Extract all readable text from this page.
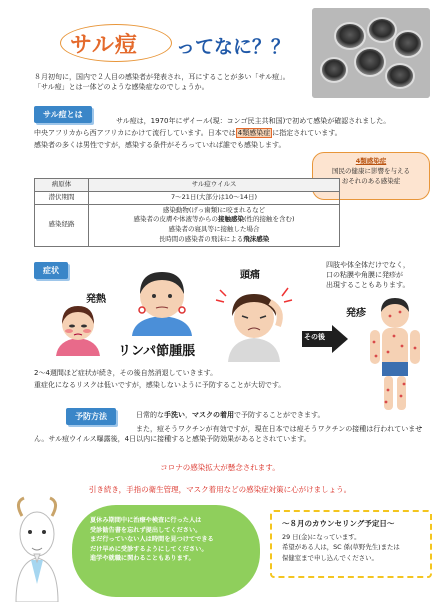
サル痘 ってなに？？
８月初旬に，国内で２人目の感染者が発表され，耳にすることが多い「サル痘」。
「サル痘」とは一体どのような感染症なのでしょうか。
サル痘とは
サル痘は，1970年にザイール(現：コンゴ民主共和国)で初めて感染が確認されました。
中央アフリカから西アフリカにかけて流行しています。日本では 4類感染症 に指定されています。
感染者の多くは男性ですが，感染する条件がそろっていれば誰でも感染します。
4類感染症
国民の健康に影響を与える
おそれのある感染症
病原体	サル痘ウイルス
潜伏期間	7～21日(大部分は10～14日)
感染経路	感染動物(げっ歯類)に咬まれるなど
感染者の皮膚や体液等からの接触感染(性的接触を含む)
感染者の寝具等に接触した場合
長時間の感染者の飛沫による飛沫感染
症状
発熱
リンパ節腫脹
頭痛
その後
四肢や体全体だけでなく，
口の粘膜や角膜に発疹が
出現することもあります。
発疹
2～4週間ほど症状が続き，その後自然消退していきます。
重症化になるリスクは低いですが，感染しないように予防することが大切です。
予防方法	日常的な手洗い，マスクの着用で予防することができます。
また，痘そうワクチンが有効ですが，現在日本では痘そうワクチンの接種は行われていません。サル痘ウイルス曝露後，4日以内に接種すると感染予防効果があるとされています。
コロナの感染拡大が懸念されます。
引き続き，手指の衛生管理，マスク着用などの感染症対策に心がけましょう。
夏休み期間中に治療や検査に行った人は
受診勧告書を忘れず提出してください。
まだ行っていない人は時間を見つけてできる
だけ早めに受診するようにしてください。
進学や就職に関わることもあります。
～８月のカウンセリング予定日～
29 日(金)になっています。
希望がある人は，SC 係(草野先生)または
保健室まで申し込んでください。
